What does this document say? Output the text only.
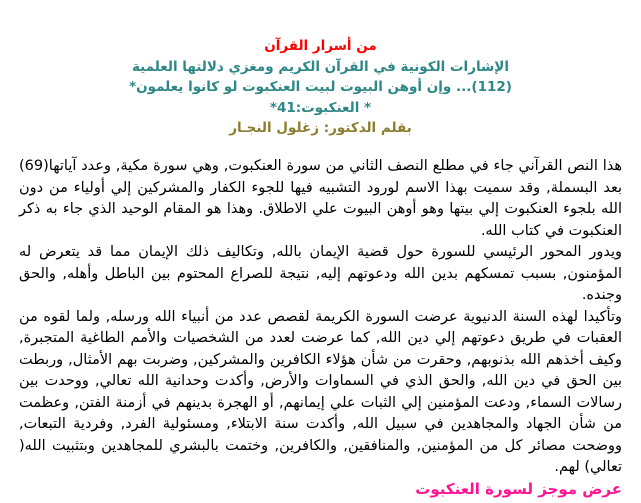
من أسرار القرآن
الإشارات الكونية في القرآن الكريم ومغزي دلالتها العلمية
(112)... وإن أوهن البيوت لبيت العنكبوت لو كانوا يعلمون*
* العنكبوت:41*
بقلم الدكتور: زغلول النجـار

هذا النص القرآني جاء في مطلع النصف الثاني من سورة العنكبوت, وهي سورة مكية, وعدد آياتها(69) بعد البسملة, وقد سميت بهذا الاسم لورود التشبيه فيها للجوء الكفار والمشركين إلي أولياء من دون الله بلجوء العنكبوت إلي بيتها وهو أوهن البيوت علي الاطلاق. وهذا هو المقام الوحيد الذي جاء به ذكر العنكبوت في كتاب الله.

ويدور المحور الرئيسي للسورة حول قضية الإيمان بالله, وتكاليف ذلك الإيمان مما قد يتعرض له المؤمنون, بسبب تمسكهم بدين الله ودعوتهم إليه, نتيجة للصراع المحتوم بين الباطل وأهله, والحق وجنده.

وتأكيدا لهذه السنة الدنيوية عرضت السورة الكريمة لقصص عدد من أنبياء الله ورسله, ولما لقوه من العقبات في طريق دعوتهم إلي دين الله, كما عرضت لعدد من الشخصيات والأمم الطاغية المتجبرة, وكيف أخذهم الله بذنوبهم, وحقرت من شأن هؤلاء الكافرين والمشركين, وضربت بهم الأمثال, وربطت بين الحق في دين الله, والحق الذي في السماوات والأرض, وأكدت وحدانية الله تعالي, ووحدت بين رسالات السماء, ودعت المؤمنين إلي الثبات علي إيمانهم, أو الهجرة بدينهم في أزمنة الفتن, وعظمت من شأن الجهاد والمجاهدين في سبيل الله, وأكدت سنة الابتلاء, ومسئولية الفرد, وفردية التبعات, ووضحت مصائر كل من المؤمنين, والمنافقين, والكافرين, وختمت بالبشري للمجاهدين وبتثبيت الله( تعالي) لهم.

عرض موجز لسورة العنكبوت
